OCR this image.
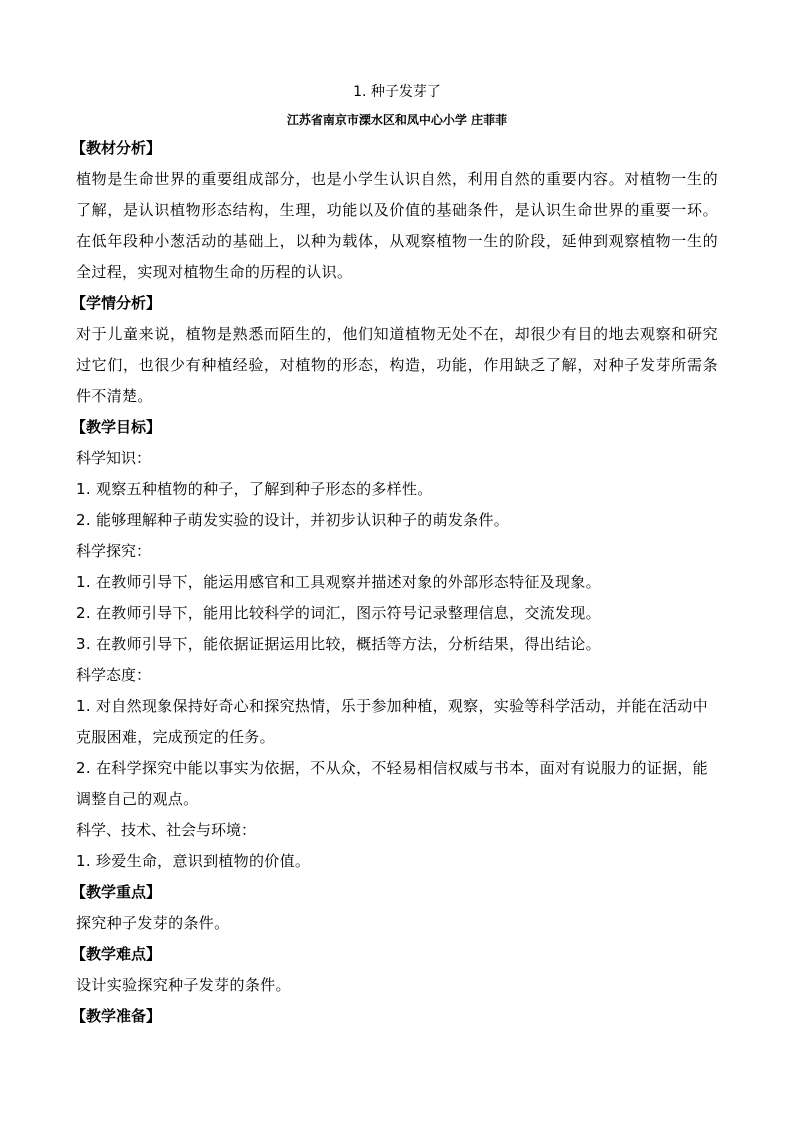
1. 种子发芽了
江苏省南京市溧水区和凤中心小学 庄菲菲
【教材分析】

植物是生命世界的重要组成部分，也是小学生认识自然，利用自然的重要内容。对植物一生的了解，是认识植物形态结构，生理，功能以及价值的基础条件，是认识生命世界的重要一环。在低年段种小葱活动的基础上，以种为载体，从观察植物一生的阶段，延伸到观察植物一生的全过程，实现对植物生命的历程的认识。

【学情分析】

对于儿童来说，植物是熟悉而陌生的，他们知道植物无处不在，却很少有目的地去观察和研究过它们，也很少有种植经验，对植物的形态，构造，功能，作用缺乏了解，对种子发芽所需条件不清楚。

【教学目标】
科学知识：

1. 观察五种植物的种子，了解到种子形态的多样性。

2. 能够理解种子萌发实验的设计，并初步认识种子的萌发条件。

科学探究：

1. 在教师引导下，能运用感官和工具观察并描述对象的外部形态特征及现象。

2. 在教师引导下，能用比较科学的词汇，图示符号记录整理信息，交流发现。

3. 在教师引导下，能依据证据运用比较，概括等方法，分析结果，得出结论。

科学态度：

1. 对自然现象保持好奇心和探究热情，乐于参加种植，观察，实验等科学活动，并能在活动中克服困难，完成预定的任务。

2. 在科学探究中能以事实为依据，不从众，不轻易相信权威与书本，面对有说服力的证据，能调整自己的观点。

科学、技术、社会与环境：

1. 珍爱生命，意识到植物的价值。

【教学重点】

探究种子发芽的条件。

【教学难点】

设计实验探究种子发芽的条件。

【教学准备】
